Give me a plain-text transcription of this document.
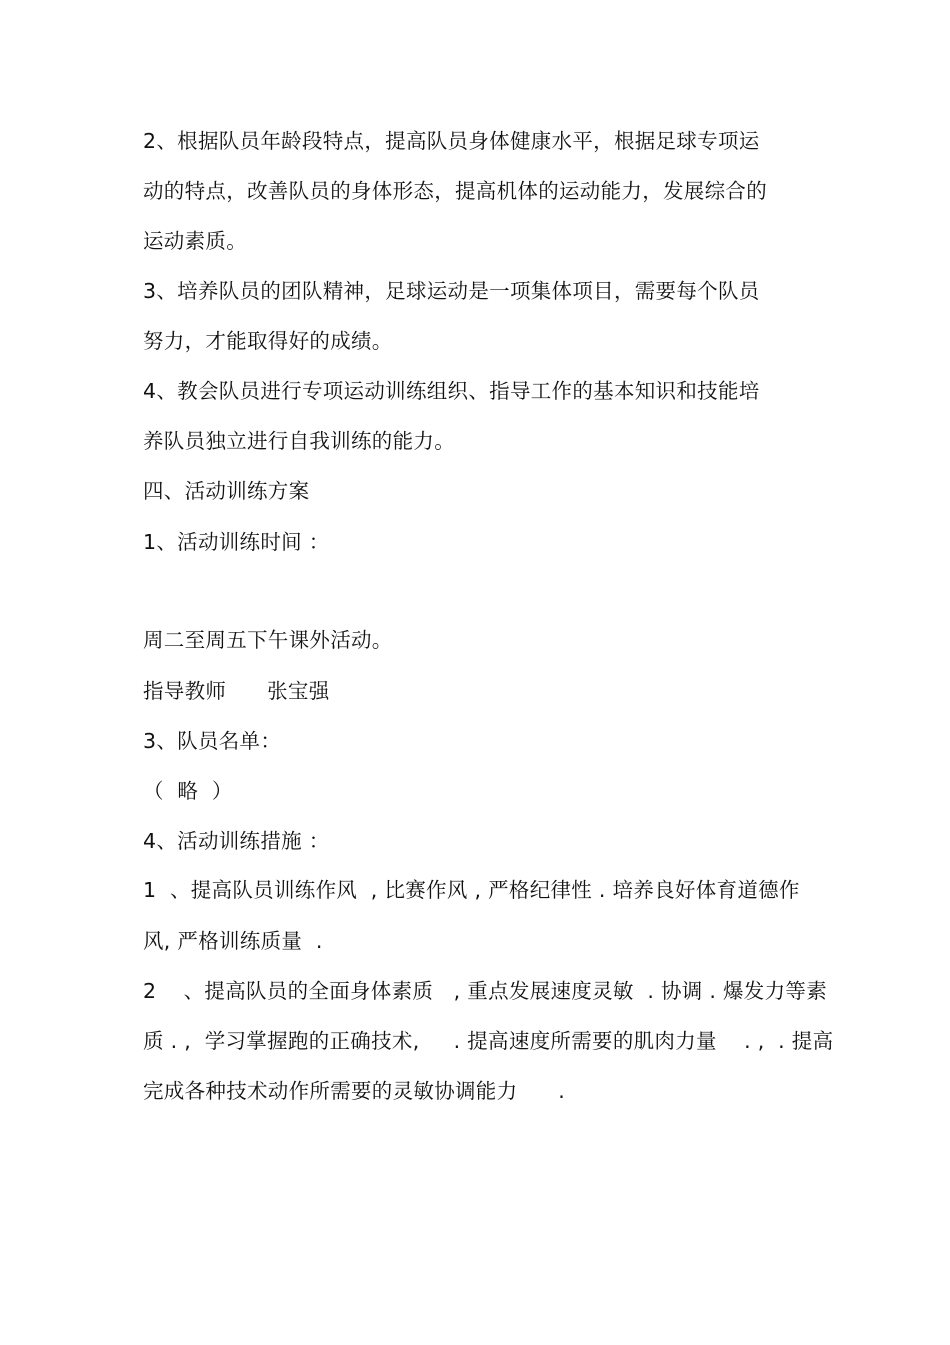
2、根据队员年龄段特点，提高队员身体健康水平，根据足球专项运
动的特点，改善队员的身体形态，提高机体的运动能力，发展综合的
运动素质。
3、培养队员的团队精神，足球运动是一项集体项目，需要每个队员
努力，才能取得好的成绩。
4、教会队员进行专项运动训练组织、指导工作的基本知识和技能培
养队员独立进行自我训练的能力。
四、活动训练方案
1、活动训练时间 ：
周二至周五下午课外活动。
指导教师      张宝强
3、队员名单：
（  略  ）
4、活动训练措施 ：
1  、提高队员训练作风  , 比赛作风 , 严格纪律性 . 培养良好体育道德作
风, 严格训练质量  .
2    、提高队员的全面身体素质   , 重点发展速度灵敏  . 协调 . 爆发力等素
质 . ,  学习掌握跑的正确技术,     . 提高速度所需要的肌肉力量    . ,  . 提高
完成各种技术动作所需要的灵敏协调能力      .
